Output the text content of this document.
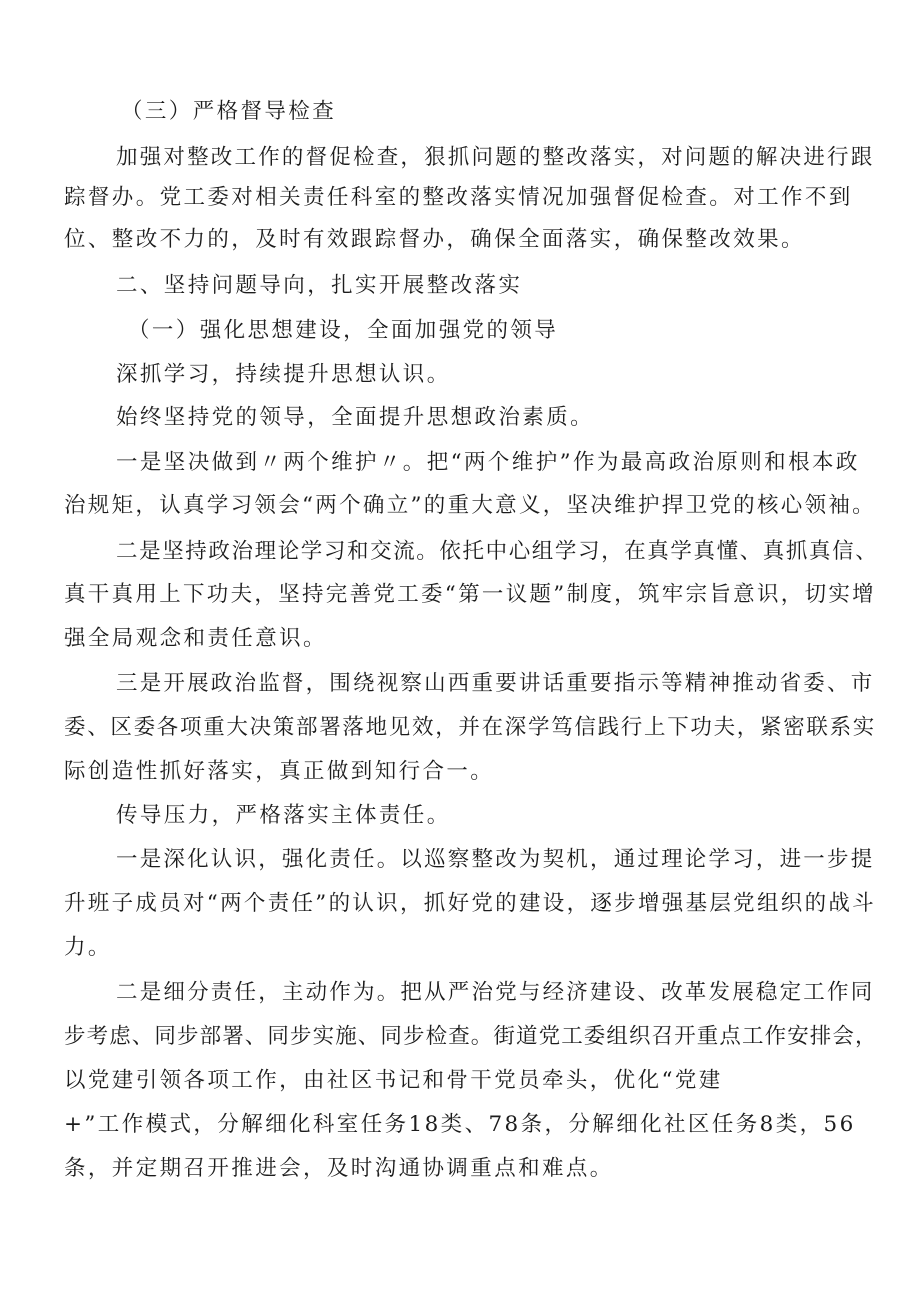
（三）严格督导检查
加强对整改工作的督促检查，狠抓问题的整改落实，对问题的解决进行跟
踪督办。党工委对相关责任科室的整改落实情况加强督促检查。对工作不到
位、整改不力的，及时有效跟踪督办，确保全面落实，确保整改效果。
二、坚持问题导向，扎实开展整改落实
（一）强化思想建设，全面加强党的领导
深抓学习，持续提升思想认识。
始终坚持党的领导，全面提升思想政治素质。
一是坚决做到〃两个维护〃。把“两个维护”作为最高政治原则和根本政
治规矩，认真学习领会“两个确立”的重大意义，坚决维护捍卫党的核心领袖。
二是坚持政治理论学习和交流。依托中心组学习，在真学真懂、真抓真信、
真干真用上下功夫，坚持完善党工委“第一议题”制度，筑牢宗旨意识，切实增
强全局观念和责任意识。
三是开展政治监督，围绕视察山西重要讲话重要指示等精神推动省委、市
委、区委各项重大决策部署落地见效，并在深学笃信践行上下功夫，紧密联系实
际创造性抓好落实，真正做到知行合一。
传导压力，严格落实主体责任。
一是深化认识，强化责任。以巡察整改为契机，通过理论学习，进一步提
升班子成员对“两个责任”的认识，抓好党的建设，逐步增强基层党组织的战斗
力。
二是细分责任，主动作为。把从严治党与经济建设、改革发展稳定工作同
步考虑、同步部署、同步实施、同步检查。街道党工委组织召开重点工作安排会，
以党建引领各项工作，由社区书记和骨干党员牵头，优化“党建
+”工作模式，分解细化科室任务18类、78条，分解细化社区任务8类，56
条，并定期召开推进会，及时沟通协调重点和难点。
